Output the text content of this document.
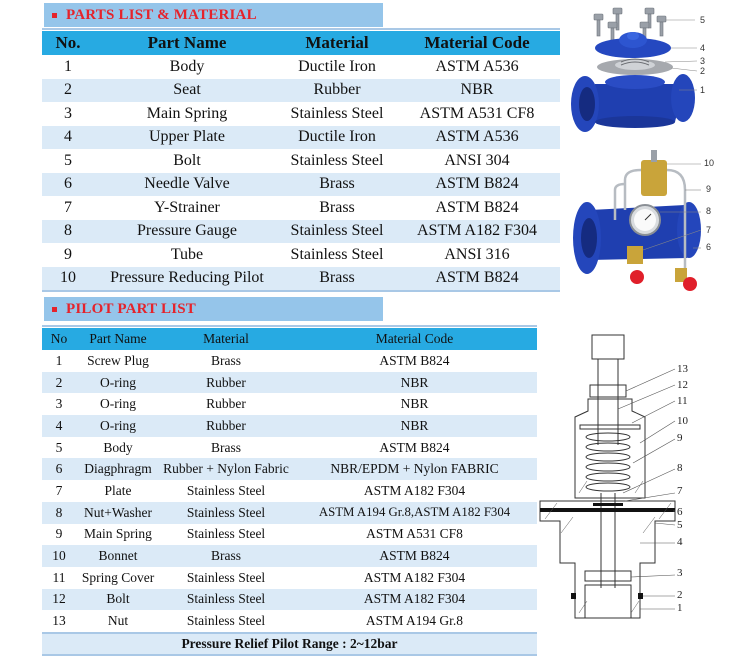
PARTS LIST & MATERIAL
No.	Part Name	Material	Material Code
1	Body	Ductile Iron	ASTM A536
2	Seat	Rubber	NBR
3	Main Spring	Stainless Steel	ASTM A531 CF8
4	Upper Plate	Ductile Iron	ASTM A536
5	Bolt	Stainless Steel	ANSI 304
6	Needle Valve	Brass	ASTM B824
7	Y-Strainer	Brass	ASTM B824
8	Pressure Gauge	Stainless Steel	ASTM A182 F304
9	Tube	Stainless Steel	ANSI 316
10	Pressure Reducing Pilot	Brass	ASTM B824
PILOT PART LIST
No	Part Name	Material	Material Code
1	Screw Plug	Brass	ASTM B824
2	O-ring	Rubber	NBR
3	O-ring	Rubber	NBR
4	O-ring	Rubber	NBR
5	Body	Brass	ASTM B824
6	Diagphragm	Rubber + Nylon Fabric	NBR/EPDM + Nylon FABRIC
7	Plate	Stainless Steel	ASTM A182 F304
8	Nut+Washer	Stainless Steel	ASTM A194 Gr.8,ASTM A182 F304
9	Main Spring	Stainless Steel	ASTM A531 CF8
10	Bonnet	Brass	ASTM B824
11	Spring Cover	Stainless Steel	ASTM A182 F304
12	Bolt	Stainless Steel	ASTM A182 F304
13	Nut	Stainless Steel	ASTM A194 Gr.8
Pressure Relief Pilot Range : 2~12bar			
5
4
3
2
1
10
9
8
7
6
13
12
11
10
9
8
7
6
5
4
3
2
1
